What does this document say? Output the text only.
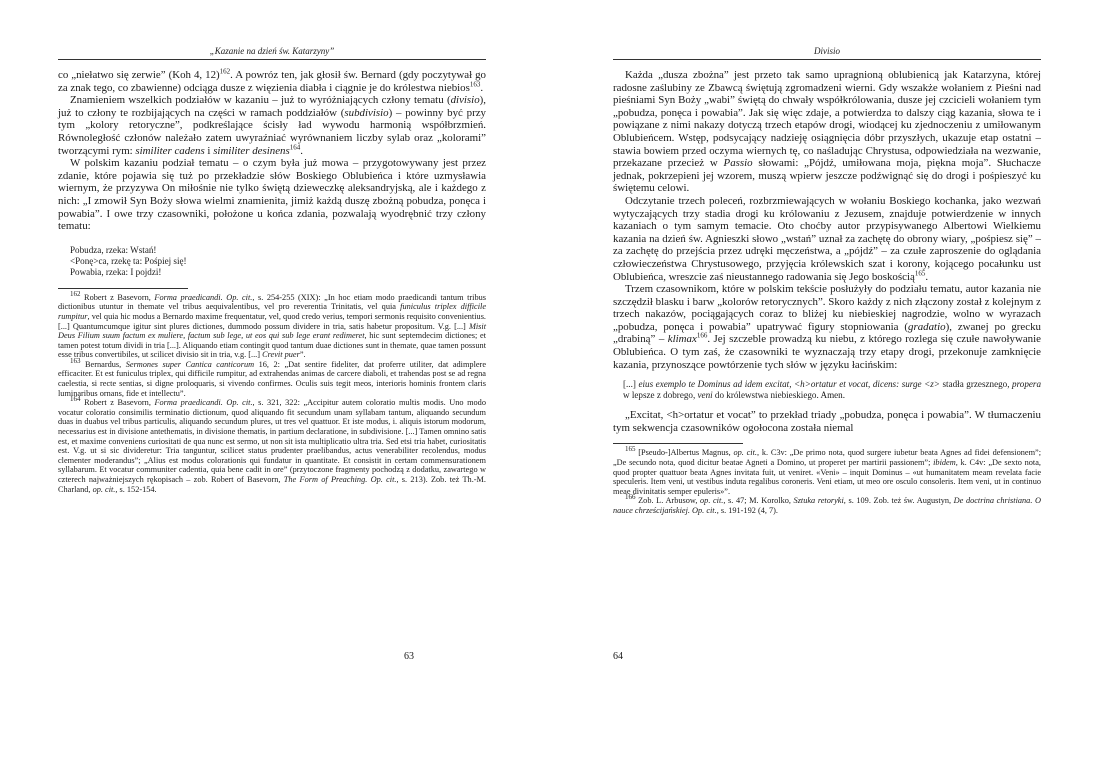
„Kazanie na dzień św. Katarzyny”

co „niełatwo się zerwie” (Koh 4, 12)$^{162}$. A powróz ten, jak głosił św. Bernard (gdy poczytywał go za znak tego, co zbawienne) odciąga dusze z więzienia diabła i ciągnie je do królestwa niebios$^{163}$.

Znamieniem wszelkich podziałów w kazaniu – już to wyróżniających człony tematu (divisio), już to człony te rozbijających na części w ramach poddziałów (subdivisio) – powinny być przy tym „kolory retoryczne”, podkreślające ścisły ład wywodu harmonią współbrzmień. Równoległość członów należało zatem uwyraźniać wyrównaniem liczby sylab oraz „kolorami” tworzącymi rym: similiter cadens i similiter desinens$^{164}$.

W polskim kazaniu podział tematu – o czym była już mowa – przygotowywany jest przez zdanie, które pojawia się tuż po przekładzie słów Boskiego Oblubieńca i które uzmysławia wiernym, że przyzywa On miłośnie nie tylko świętą dzieweczkę aleksandryjską, ale i każdego z nich: „I zmowił Syn Boży słowa wielmi znamienita, jimiż każdą duszę zbożną pobudza, ponęca i powabia”. I owe trzy czasowniki, położone u końca zdania, pozwalają wyodrębnić trzy człony tematu:

Pobudza, rzeka: Wstań!

<Ponę>ca, rzekę ta: Pośpiej się!

Powabia, rzeka: I pojdzi!

$^{162}$ Robert z Basevorn, Forma praedicandi. Op. cit., s. 254-255 (XIX): „In hoc etiam modo praedicandi tantum tribus dictionibus utuntur in themate vel tribus aequivalentibus, vel pro reverentia Trinitatis, vel quia funiculus triplex difficile rumpitur, vel quia hic modus a Bernardo maxime frequentatur, vel, quod credo verius, tempori sermonis requisito convenientius. [...] Quantumcumque igitur sint plures dictiones, dummodo possum dividere in tria, satis habetur propositum. V.g. [...] Misit Deus Filium suum factum ex muliere, factum sub lege, ut eos qui sub lege erant redimeret, hic sunt septemdecim dictiones; et tamen potest totum dividi in tria [...]. Aliquando etiam contingit quod tantum duae dictiones sunt in themate, quae tamen possunt esse tribus convertibiles, ut scilicet divisio sit in tria, v.g. [...] Crevit puer”.

$^{163}$ Bernardus, Sermones super Cantica canticorum 16, 2: „Dat sentire fideliter, dat proferre utiliter, dat adimplere efficaciter. Et est funiculus triplex, qui difficile rumpitur, ad extrahendas animas de carcere diaboli, et trahendas post se ad regna caelestia, si recte sentias, si digne proloquaris, si vivendo confirmes. Oculis suis tegit meos, interioris hominis frontem claris luminaribus ornans, fide et intellectu”.

$^{164}$ Robert z Basevorn, Forma praedicandi. Op. cit., s. 321, 322: „Accipitur autem coloratio multis modis. Uno modo vocatur coloratio consimilis terminatio dictionum, quod aliquando fit secundum unam syllabam tantum, aliquando secundum duas in duabus vel tribus particulis, aliquando secundum plures, ut tres vel quattuor. Et iste modus, i. aliquis istorum modorum, necessarius est in divisione antethematis, in divisione thematis, in partium declaratione, in subdivisione. [...] Tamen omnino satis est, et maxime conveniens curiositati de qua nunc est sermo, ut non sit ista multiplicatio ultra tria. Sed etsi tria habet, curiositatis est. V.g. ut si sic divideretur: Tria tanguntur, scilicet status prudenter praelibandus, actus venerabiliter recolendus, modus clementer moderandus”; „Alius est modus colorationis qui fundatur in quantitate. Et consistit in certam commensurationem syllabarum. Et vocatur communiter cadentia, quia bene cadit in ore” (przytoczone fragmenty pochodzą z dodatku, zawartego w czterech najważniejszych rękopisach – zob. Robert of Basevorn, The Form of Preaching. Op. cit., s. 213). Zob. też Th.-M. Charland, op. cit., s. 152-154.

63
Divisio

Każda „dusza zbożna” jest przeto tak samo upragnioną oblubienicą jak Katarzyna, której radosne zaślubiny ze Zbawcą świętują zgromadzeni wierni. Gdy wszakże wołaniem z Pieśni nad pieśniami Syn Boży „wabi” świętą do chwały współkrólowania, dusze jej czcicieli wołaniem tym „pobudza, ponęca i powabia”. Jak się więc zdaje, a potwierdza to dalszy ciąg kazania, słowa te i powiązane z nimi nakazy dotyczą trzech etapów drogi, wiodącej ku zjednoczeniu z umiłowanym Oblubieńcem. Wstęp, podsycający nadzieję osiągnięcia dóbr przyszłych, ukazuje etap ostatni – stawia bowiem przed oczyma wiernych tę, co naśladując Chrystusa, odpowiedziała na wezwanie, przekazane przecież w Passio słowami: „Pójdź, umiłowana moja, piękna moja”. Słuchacze jednak, pokrzepieni jej wzorem, muszą wpierw jeszcze podźwignąć się do drogi i pośpieszyć ku świętemu celowi.

Odczytanie trzech poleceń, rozbrzmiewających w wołaniu Boskiego kochanka, jako wezwań wytyczających trzy stadia drogi ku królowaniu z Jezusem, znajduje potwierdzenie w innych kazaniach o tym samym temacie. Oto choćby autor przypisywanego Albertowi Wielkiemu kazania na dzień św. Agnieszki słowo „wstań” uznał za zachętę do obrony wiary, „pośpiesz się” – za zachętę do przejścia przez udręki męczeństwa, a „pójdź” – za czułe zaproszenie do oglądania człowieczeństwa Chrystusowego, przyjęcia królewskich szat i korony, kojącego pocałunku ust Oblubieńca, wreszcie zaś nieustannego radowania się Jego boskością$^{165}$.

Trzem czasownikom, które w polskim tekście posłużyły do podziału tematu, autor kazania nie szczędził blasku i barw „kolorów retorycznych”. Skoro każdy z nich złączony został z kolejnym z trzech nakazów, pociągających coraz to bliżej ku niebieskiej nagrodzie, wolno w wyrazach „pobudza, ponęca i powabia” upatrywać figury stopniowania (gradatio), zwanej po grecku „drabiną” – klimax$^{166}$. Jej szczeble prowadzą ku niebu, z którego rozlega się czułe nawoływanie Oblubieńca. O tym zaś, że czasowniki te wyznaczają trzy etapy drogi, przekonuje zamknięcie kazania, przynoszące powtórzenie tych słów w języku łacińskim:

[...] eius exemplo te Dominus ad idem excitat, <h>ortatur et vocat, dicens: surge <z> stadła grzesznego, propera w lepsze z dobrego, veni do królewstwa niebieskiego. Amen.

„Excitat, <h>ortatur et vocat” to przekład triady „pobudza, ponęca i powabia”. W tłumaczeniu tym sekwencja czasowników ogołocona została niemal

$^{165}$ [Pseudo-]Albertus Magnus, op. cit., k. C3v: „De primo nota, quod surgere iubetur beata Agnes ad fidei defensionem”; „De secundo nota, quod dicitur beatae Agneti a Domino, ut properet per martirii passionem”; ibidem, k. C4v: „De sexto nota, quod propter quattuor beata Agnes invitata fuit, ut veniret. «Veni» – inquit Dominus – «ut humanitatem meam revelata facie speculeris. Item veni, ut vestibus induta regalibus coroneris. Veni etiam, ut meo ore osculo consoleris. Item veni, ut in continuo meae divinitatis semper epuleris»”.

$^{166}$ Zob. L. Arbusow, op. cit., s. 47; M. Korolko, Sztuka retoryki, s. 109. Zob. też św. Augustyn, De doctrina christiana. O nauce chrześcijańskiej. Op. cit., s. 191-192 (4, 7).

64
